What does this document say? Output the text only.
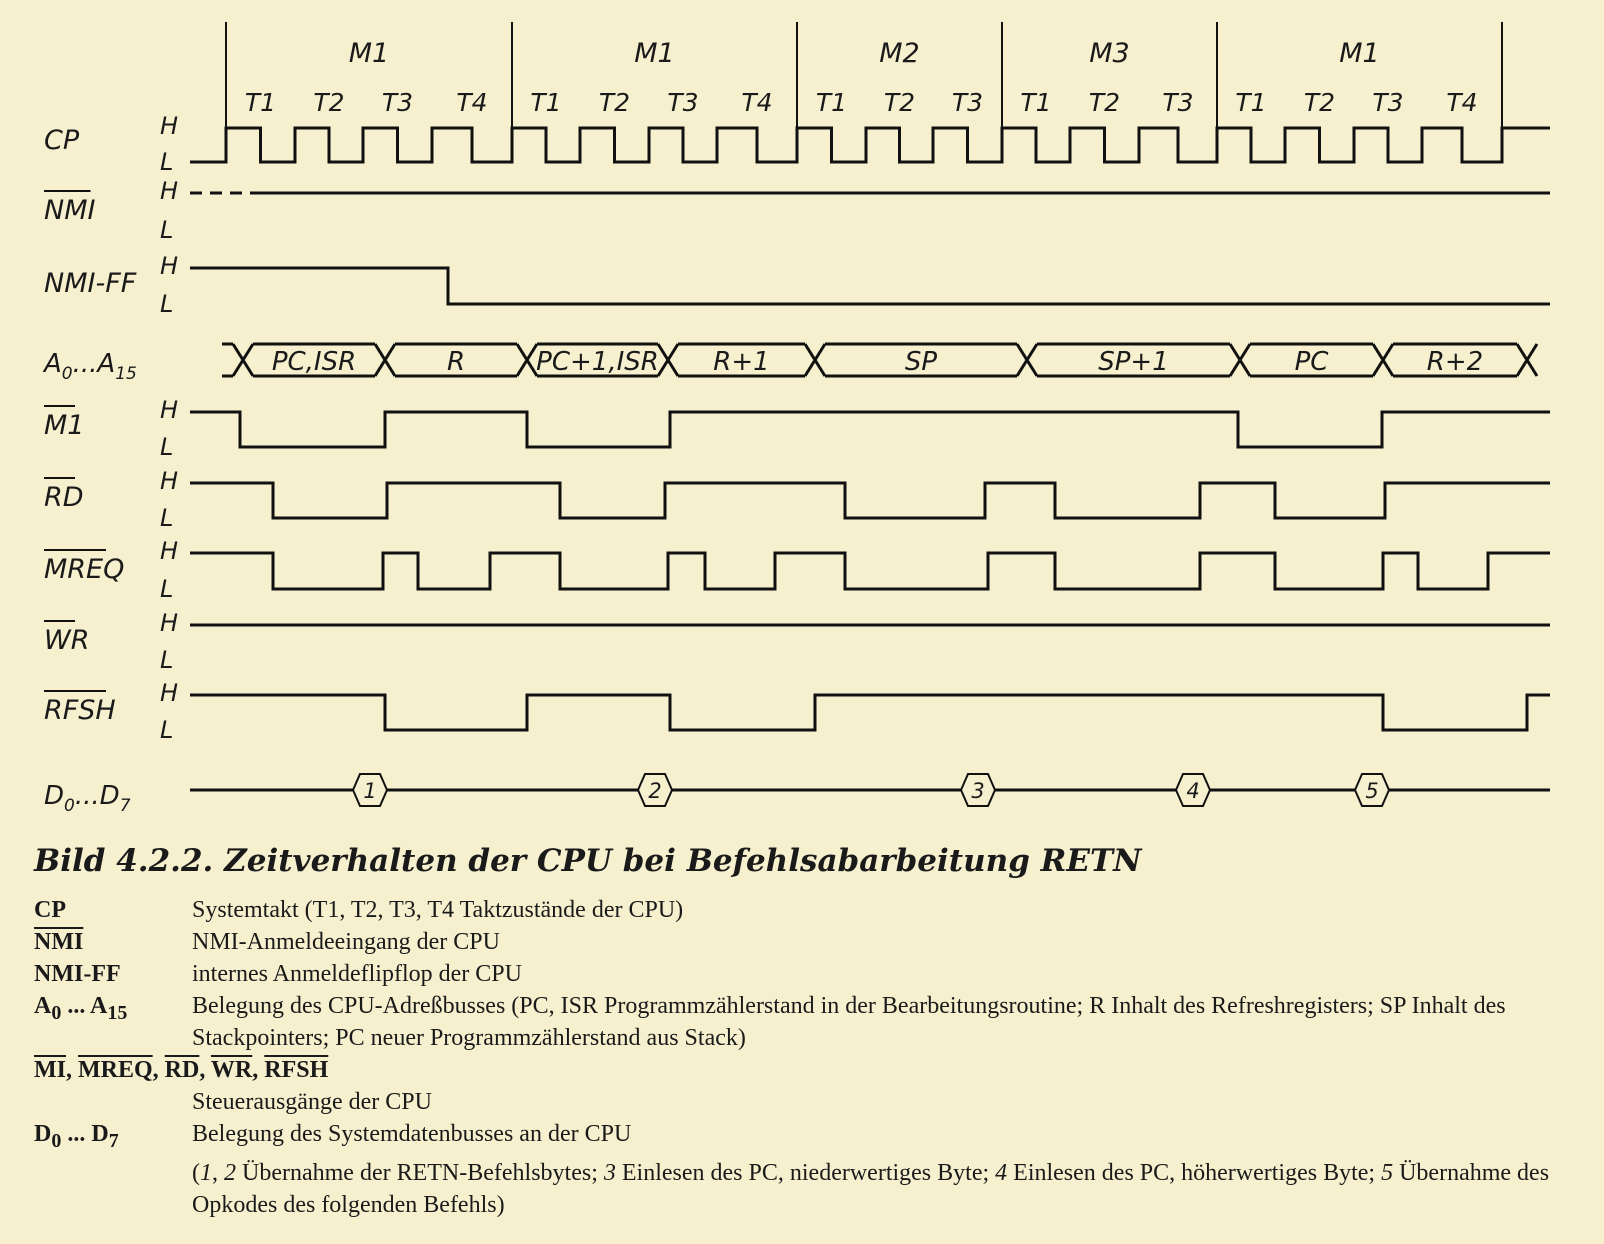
M1	M1	M2	M3	M1
T1 T2 T3 T4 T1 T2 T3 T4 T1 T2 T3 T1 T2 T3 T1 T2 T3 T4
CP	H
L
NMI
H
L
NMI-FF
H
L
$A_0...A_{15}$
M1	H
L
RD
H
L
MREQ
H
L
WR
H
L
RFSH
H
L
$D_0...D_7$
PC,ISR	R	PC+1,ISR R+1	SP	SP+1	PC	R+2
1	2	3	4	5
Bild 4.2.2. Zeitverhalten der CPU bei Befehlsabarbeitung RETN
CP	Systemtakt (T1, T2, T3, T4 Taktzustände der CPU)
$\overline{NMI}$	NMI-Anmeldeeingang der CPU
NMI-FF	internes Anmeldeflipflop der CPU
$A_0$ ... $A_{15}$	Belegung des CPU-Adreßbusses (PC, ISR Programmzählerstand in der Bearbeitungsroutine; R Inhalt des Refreshregisters; SP Inhalt des Stackpointers; PC neuer Programmzählerstand aus Stack)
$\overline{MI}$, MREQ, $\overline{RD}$, $\overline{WR}$, RFSH
Steuerausgänge der CPU
$D_0$ ... $D_7$	Belegung des Systemdatenbusses an der CPU
(1, 2 Übernahme der RETN-Befehlsbytes; 3 Einlesen des PC, niederwertiges Byte; 4 Einlesen des PC, höherwertiges Byte; 5 Übernahme des Opkodes des folgenden Befehls)
